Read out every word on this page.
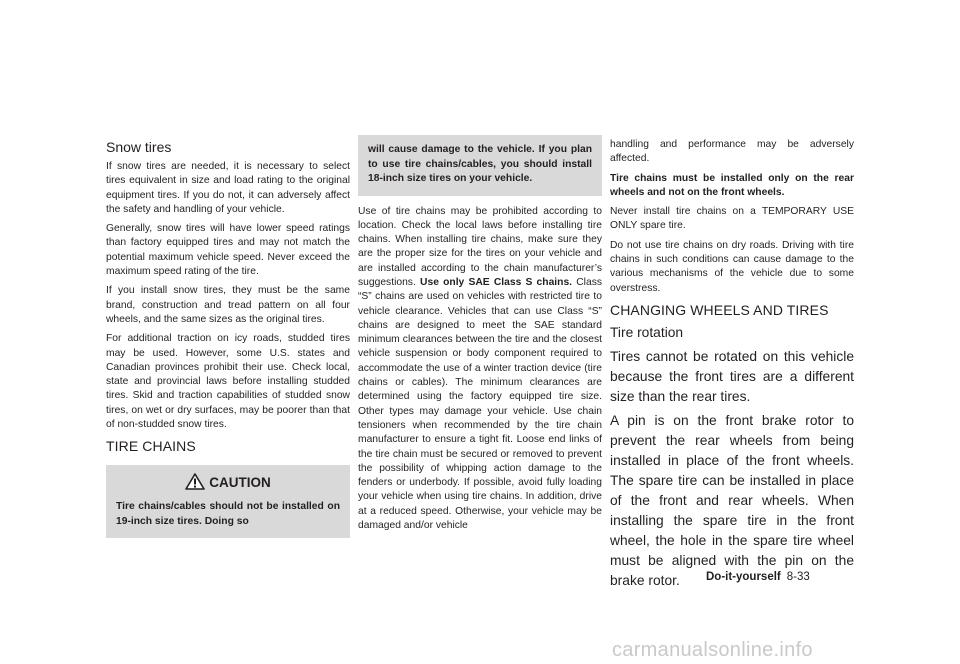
Snow tires

If snow tires are needed, it is necessary to select tires equivalent in size and load rating to the original equipment tires. If you do not, it can adversely affect the safety and handling of your vehicle.

Generally, snow tires will have lower speed ratings than factory equipped tires and may not match the potential maximum vehicle speed. Never exceed the maximum speed rating of the tire.

If you install snow tires, they must be the same brand, construction and tread pattern on all four wheels, and the same sizes as the original tires.

For additional traction on icy roads, studded tires may be used. However, some U.S. states and Canadian provinces prohibit their use. Check local, state and provincial laws before installing studded tires. Skid and traction capabilities of studded snow tires, on wet or dry surfaces, may be poorer than that of non-studded snow tires.

TIRE CHAINS
CAUTION

Tire chains/cables should not be installed on 19-inch size tires. Doing so

will cause damage to the vehicle. If you plan to use tire chains/cables, you should install 18-inch size tires on your vehicle.

Use of tire chains may be prohibited according to location. Check the local laws before installing tire chains. When installing tire chains, make sure they are the proper size for the tires on your vehicle and are installed according to the chain manufacturer’s suggestions. Use only SAE Class S chains. Class “S” chains are used on vehicles with restricted tire to vehicle clearance. Vehicles that can use Class “S” chains are designed to meet the SAE standard minimum clearances between the tire and the closest vehicle suspension or body component required to accommodate the use of a winter traction device (tire chains or cables). The minimum clearances are determined using the factory equipped tire size. Other types may damage your vehicle. Use chain tensioners when recommended by the tire chain manufacturer to ensure a tight fit. Loose end links of the tire chain must be secured or removed to prevent the possibility of whipping action damage to the fenders or underbody. If possible, avoid fully loading your vehicle when using tire chains. In addition, drive at a reduced speed. Otherwise, your vehicle may be damaged and/or vehicle

handling and performance may be adversely affected.

Tire chains must be installed only on the rear wheels and not on the front wheels.

Never install tire chains on a TEMPORARY USE ONLY spare tire.

Do not use tire chains on dry roads. Driving with tire chains in such conditions can cause damage to the various mechanisms of the vehicle due to some overstress.

CHANGING WHEELS AND TIRES
Tire rotation

Tires cannot be rotated on this vehicle because the front tires are a different size than the rear tires.

A pin is on the front brake rotor to prevent the rear wheels from being installed in place of the front wheels. The spare tire can be installed in place of the front and rear wheels. When installing the spare tire in the front wheel, the hole in the spare tire wheel must be aligned with the pin on the brake rotor.	Do-it-yourself 8-33
carmanualsonline.info
